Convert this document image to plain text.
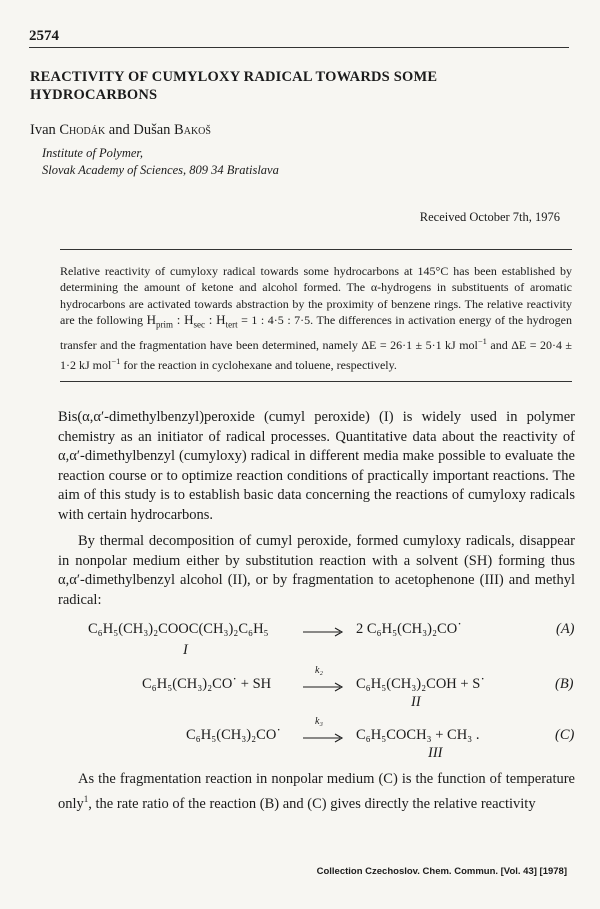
2574
REACTIVITY OF CUMYLOXY RADICAL TOWARDS SOME
HYDROCARBONS
Ivan Chodák and Dušan Bakoš
Institute of Polymer,
Slovak Academy of Sciences, 809 34 Bratislava
Received October 7th, 1976
Relative reactivity of cumyloxy radical towards some hydrocarbons at 145°C has been established by determining the amount of ketone and alcohol formed. The α-hydrogens in substituents of aromatic hydrocarbons are activated towards abstraction by the proximity of benzene rings. The relative reactivity are the following $H_{prim}$ : $H_{sec}$ : $H_{tert} = 1$ : 4·5 : 7·5. The differences in activation energy of the hydrogen transfer and the fragmentation have been determined, namely ΔE = 26·1 ± 5·1 kJ mol$^{-1}$ and ΔE = 20·4 ± 1·2 kJ mol$^{-1}$ for the reaction in cyclohexane and toluene, respectively.
Bis(α,α′-dimethylbenzyl)peroxide (cumyl peroxide) (I) is widely used in polymer chemistry as an initiator of radical processes. Quantitative data about the reactivity of α,α′-dimethylbenzyl (cumyloxy) radical in different media make possible to evaluate the reaction course or to optimize reaction conditions of practically important reactions. The aim of this study is to establish basic data concerning the reactions of cumyloxy radicals with certain hydrocarbons.
By thermal decomposition of cumyl peroxide, formed cumyloxy radicals, disappear in nonpolar medium either by substitution reaction with a solvent (SH) forming thus α,α′-dimethylbenzyl alcohol (II), or by fragmentation to acetophenone (III) and methyl radical:
C₆H₅(CH₃)₂COOC(CH₃)₂C₆H₅	2 C₆H₅(CH₃)₂CO˙	(A)
I
C₆H₅(CH₃)₂CO˙ + SH
k₂
C₆H₅(CH₃)₂COH + S˙	(B)
II
C₆H₅(CH₃)₂CO˙
k₃
C₆H₅COCH₃ + CH₃ .	(C)
III
As the fragmentation reaction in nonpolar medium (C) is the function of temperature only$^1$, the rate ratio of the reaction (B) and (C) gives directly the relative reactivity
Collection Czechoslov. Chem. Commun. [Vol. 43] [1978]
